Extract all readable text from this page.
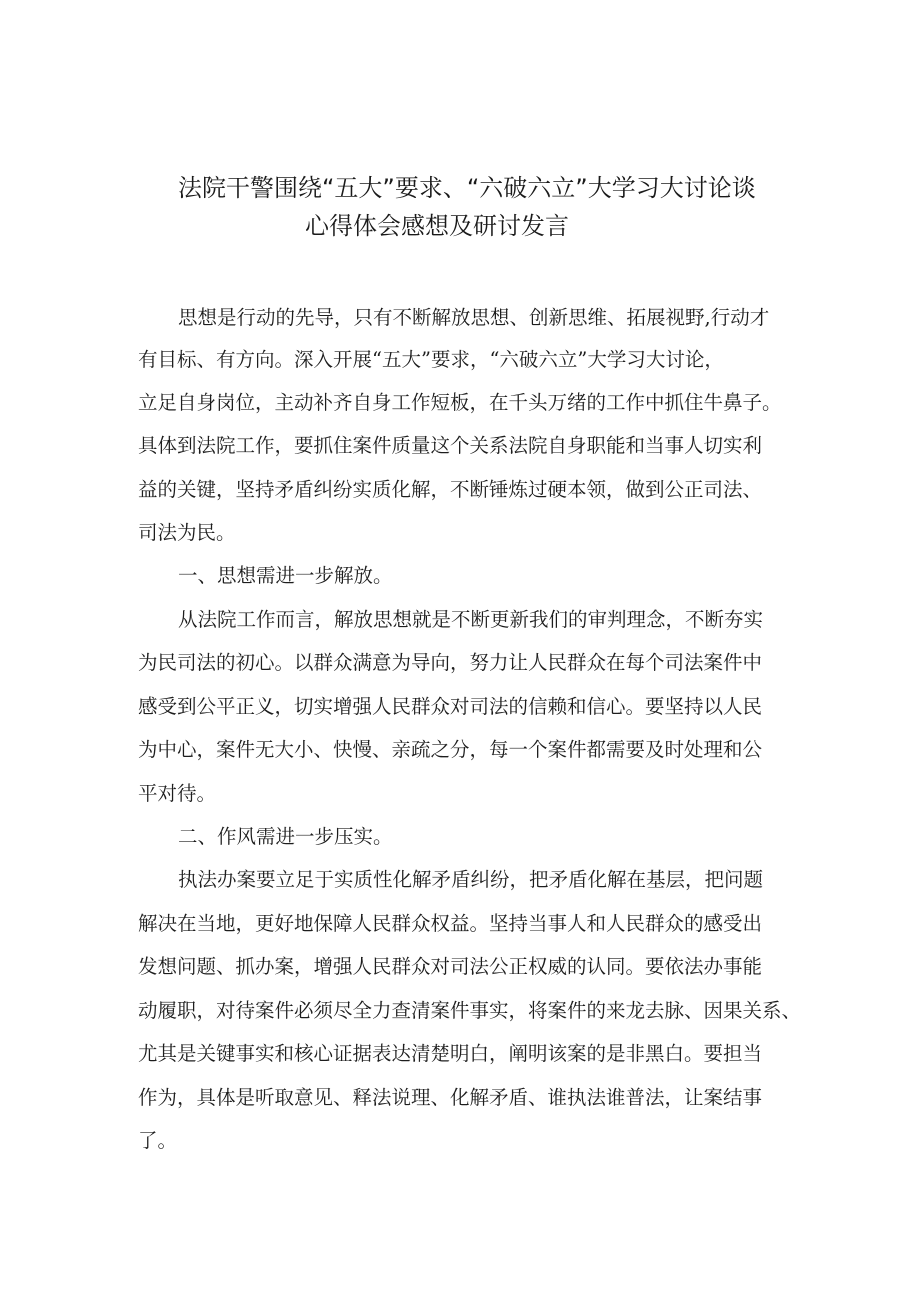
法院干警围绕“五大”要求、“六破六立”大学习大讨论谈
心得体会感想及研讨发言
思想是行动的先导，只有不断解放思想、创新思维、拓展视野,行动才
有目标、有方向。深入开展“五大”要求，“六破六立”大学习大讨论，
立足自身岗位，主动补齐自身工作短板，在千头万绪的工作中抓住牛鼻子。
具体到法院工作，要抓住案件质量这个关系法院自身职能和当事人切实利
益的关键，坚持矛盾纠纷实质化解，不断锤炼过硬本领，做到公正司法、
司法为民。
一、思想需进一步解放。
从法院工作而言，解放思想就是不断更新我们的审判理念，不断夯实
为民司法的初心。以群众满意为导向，努力让人民群众在每个司法案件中
感受到公平正义，切实增强人民群众对司法的信赖和信心。要坚持以人民
为中心，案件无大小、快慢、亲疏之分，每一个案件都需要及时处理和公
平对待。
二、作风需进一步压实。
执法办案要立足于实质性化解矛盾纠纷，把矛盾化解在基层，把问题
解决在当地，更好地保障人民群众权益。坚持当事人和人民群众的感受出
发想问题、抓办案，增强人民群众对司法公正权威的认同。要依法办事能
动履职，对待案件必须尽全力查清案件事实，将案件的来龙去脉、因果关系、
尤其是关键事实和核心证据表达清楚明白，阐明该案的是非黑白。要担当
作为，具体是听取意见、释法说理、化解矛盾、谁执法谁普法，让案结事
了。
